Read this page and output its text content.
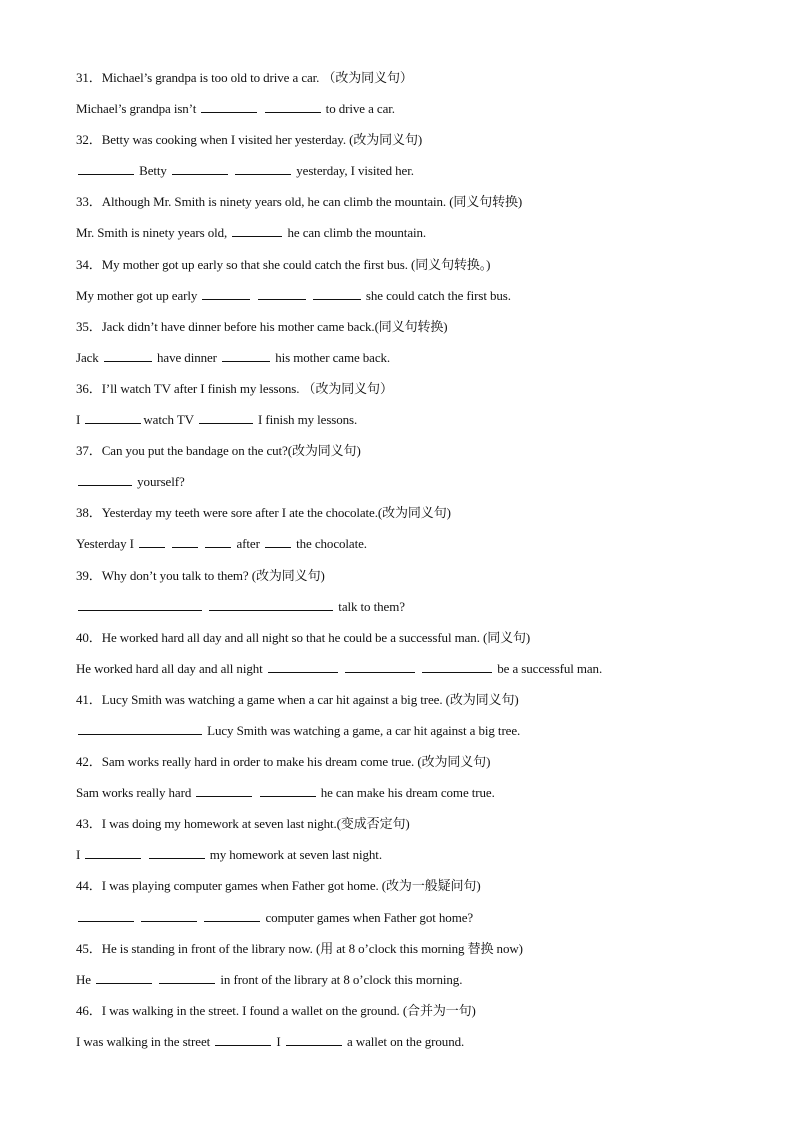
31．Michael’s grandpa is too old to drive a car. （改为同义句）
Michael’s grandpa isn’t	to drive a car.
32．Betty was cooking when I visited her yesterday. (改为同义句)
Betty	yesterday, I visited her.
33．Although Mr. Smith is ninety years old, he can climb the mountain. (同义句转换)
Mr. Smith is ninety years old,	he can climb the mountain.
34．My mother got up early so that she could catch the first bus. (同义句转换。)
My mother got up early	she could catch the first bus.
35．Jack didn’t have dinner before his mother came back.(同义句转换)
Jack	have dinner	his mother came back.
36．I’ll watch TV after I finish my lessons. （改为同义句）
I	watch TV	I finish my lessons.
37．Can you put the bandage on the cut?(改为同义句)
yourself?
38．Yesterday my teeth were sore after I ate the chocolate.(改为同义句)
Yesterday I	after  the chocolate.
39．Why don’t you talk to them? (改为同义句)
talk to them?
40．He worked hard all day and all night so that he could be a successful man. (同义句)
He worked hard all day and all night	be a successful man.
41．Lucy Smith was watching a game when a car hit against a big tree. (改为同义句)
Lucy Smith was watching a game, a car hit against a big tree.
42．Sam works really hard in order to make his dream come true. (改为同义句)
Sam works really hard	he can make his dream come true.
43．I was doing my homework at seven last night.(变成否定句)
I	my homework at seven last night.
44．I was playing computer games when Father got home. (改为一般疑问句)
computer games when Father got home?
45．He is standing in front of the library now. (用 at 8 o’clock this morning 替换 now)
He	in front of the library at 8 o’clock this morning.
46．I was walking in the street. I found a wallet on the ground. (合并为一句)
I was walking in the street	I	a wallet on the ground.
